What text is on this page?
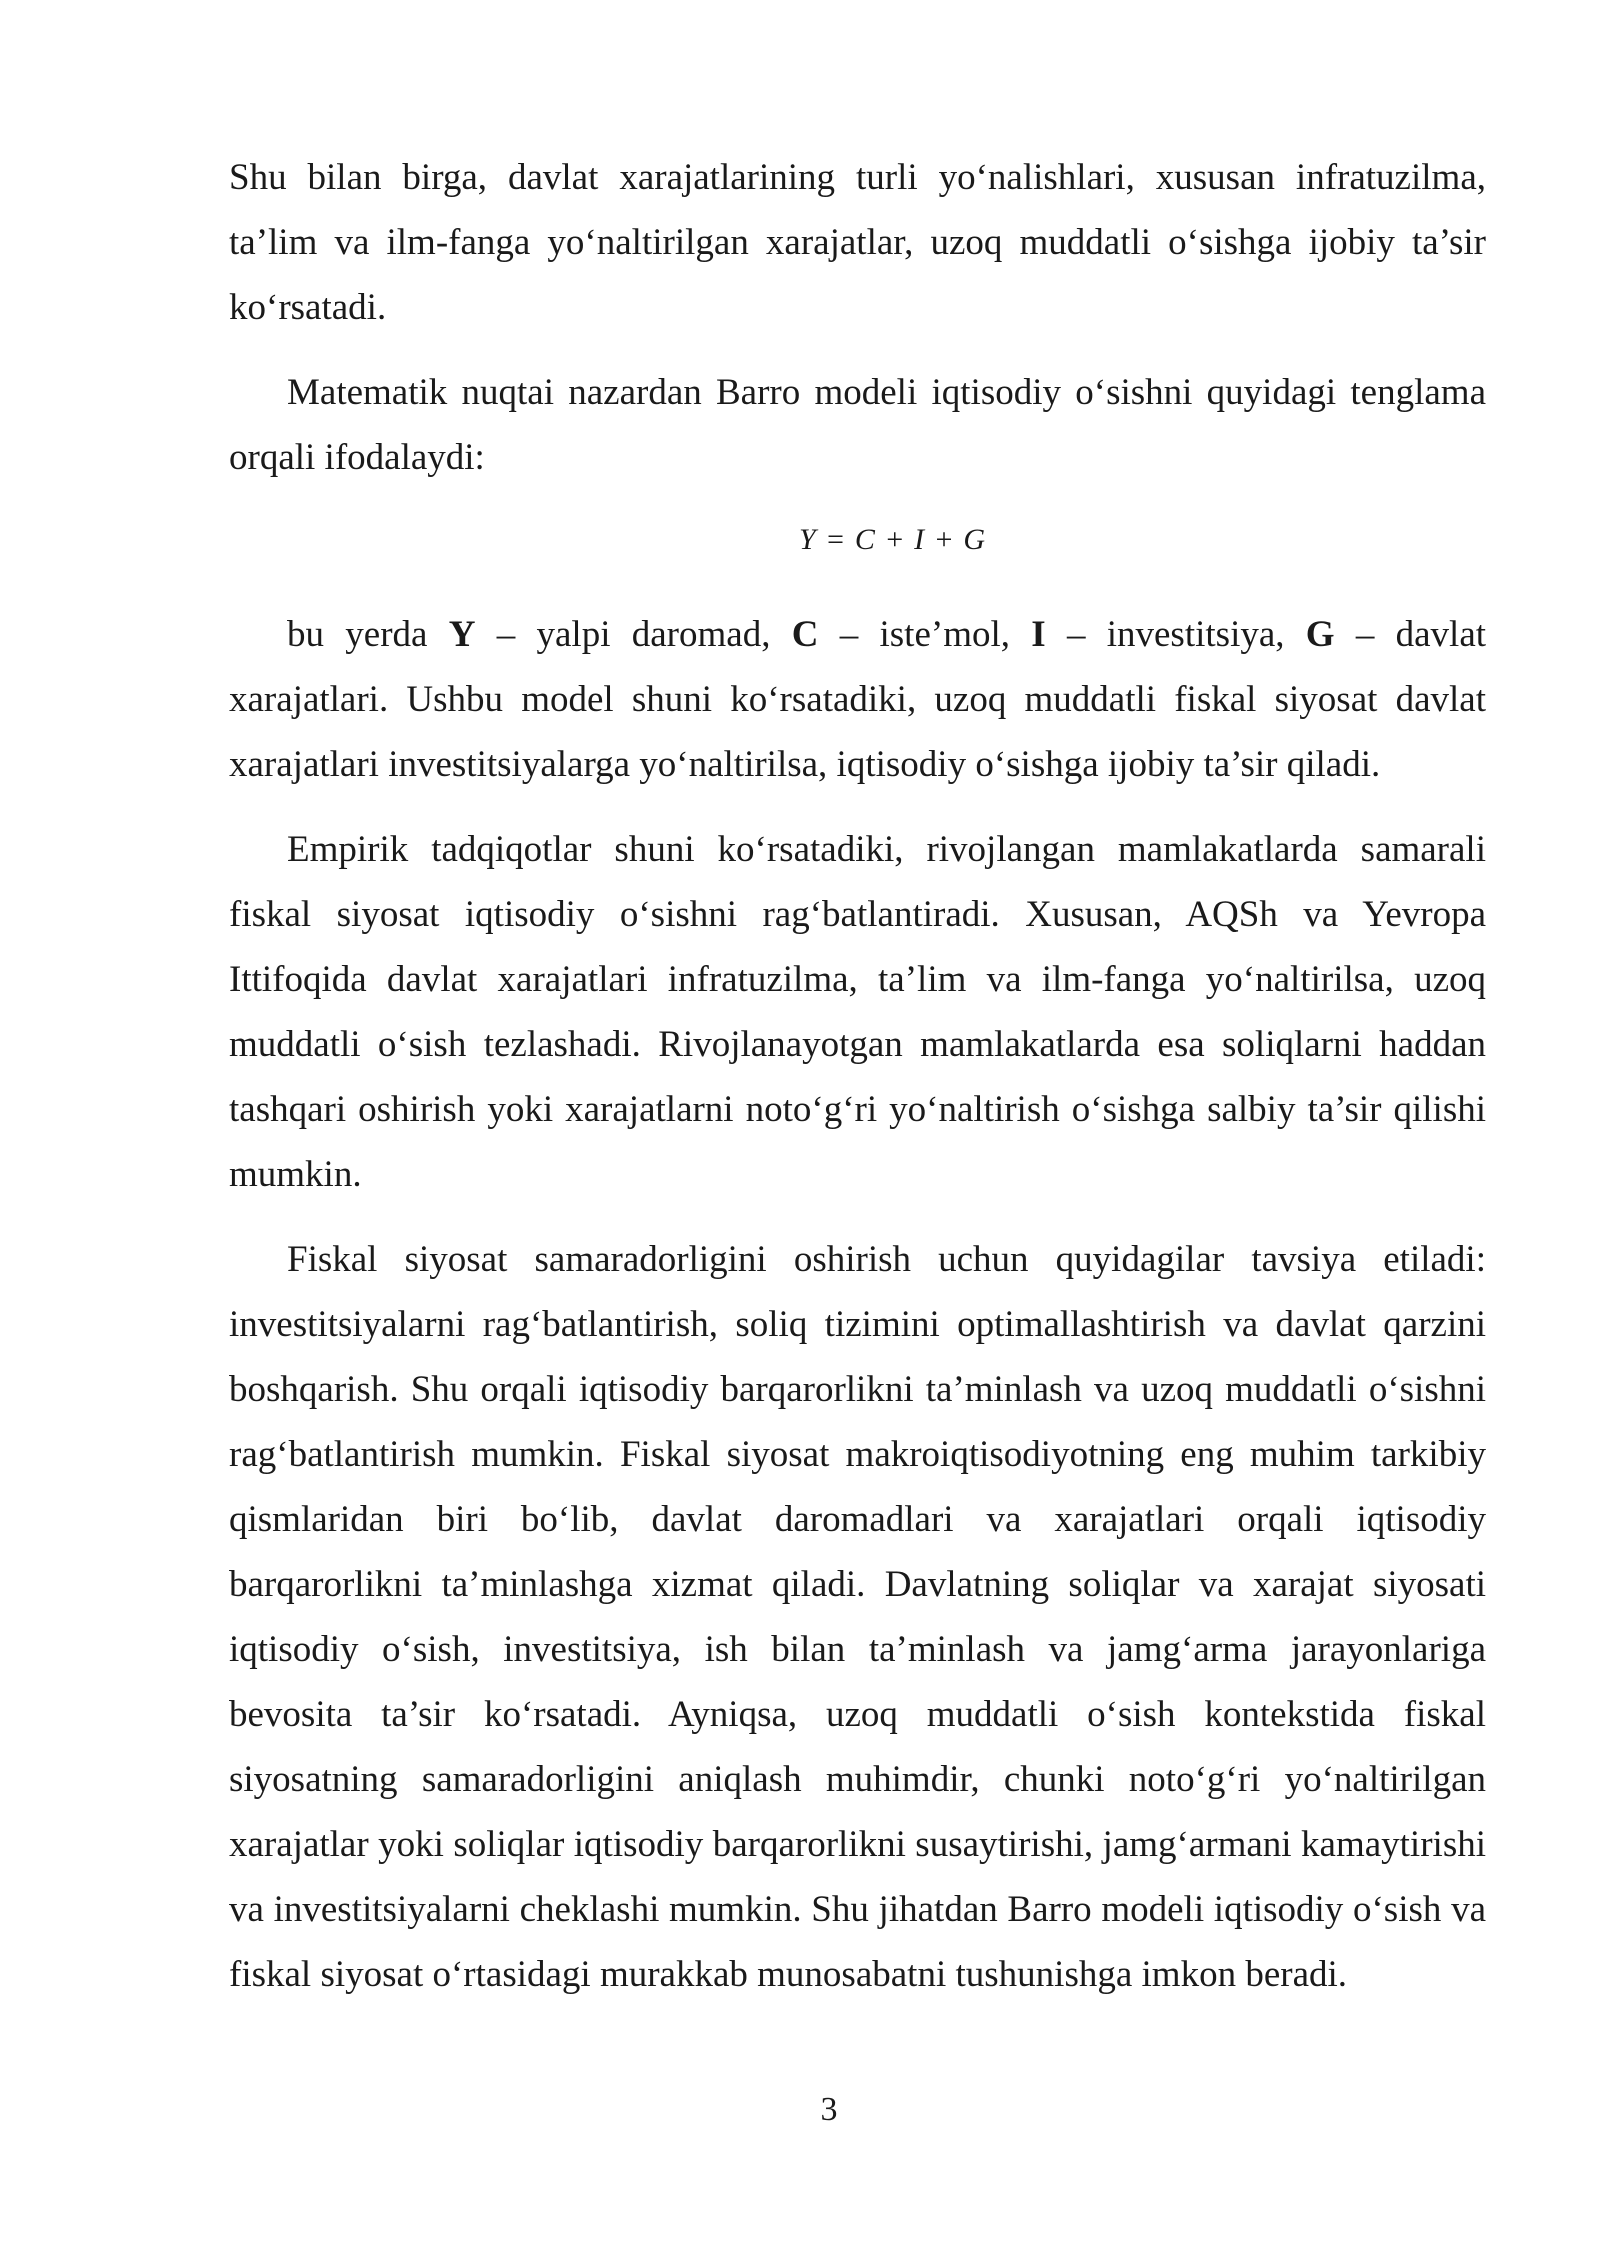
Shu bilan birga, davlat xarajatlarining turli yo‘nalishlari, xususan infratuzilma, ta’lim va ilm-fanga yo‘naltirilgan xarajatlar, uzoq muddatli o‘sishga ijobiy ta’sir ko‘rsatadi.

Matematik nuqtai nazardan Barro modeli iqtisodiy o‘sishni quyidagi tenglama orqali ifodalaydi:

Y = C + I + G

bu yerda Y – yalpi daromad, C – iste’mol, I – investitsiya, G – davlat xarajatlari. Ushbu model shuni ko‘rsatadiki, uzoq muddatli fiskal siyosat davlat xarajatlari investitsiyalarga yo‘naltirilsa, iqtisodiy o‘sishga ijobiy ta’sir qiladi.

Empirik tadqiqotlar shuni ko‘rsatadiki, rivojlangan mamlakatlarda samarali fiskal siyosat iqtisodiy o‘sishni rag‘batlantiradi. Xususan, AQSh va Yevropa Ittifoqida davlat xarajatlari infratuzilma, ta’lim va ilm-fanga yo‘naltirilsa, uzoq muddatli o‘sish tezlashadi. Rivojlanayotgan mamlakatlarda esa soliqlarni haddan tashqari oshirish yoki xarajatlarni noto‘g‘ri yo‘naltirish o‘sishga salbiy ta’sir qilishi mumkin.

Fiskal siyosat samaradorligini oshirish uchun quyidagilar tavsiya etiladi: investitsiyalarni rag‘batlantirish, soliq tizimini optimallashtirish va davlat qarzini boshqarish. Shu orqali iqtisodiy barqarorlikni ta’minlash va uzoq muddatli o‘sishni rag‘batlantirish mumkin. Fiskal siyosat makroiqtisodiyotning eng muhim tarkibiy qismlaridan biri bo‘lib, davlat daromadlari va xarajatlari orqali iqtisodiy barqarorlikni ta’minlashga xizmat qiladi. Davlatning soliqlar va xarajat siyosati iqtisodiy o‘sish, investitsiya, ish bilan ta’minlash va jamg‘arma jarayonlariga bevosita ta’sir ko‘rsatadi. Ayniqsa, uzoq muddatli o‘sish kontekstida fiskal siyosatning samaradorligini aniqlash muhimdir, chunki noto‘g‘ri yo‘naltirilgan xarajatlar yoki soliqlar iqtisodiy barqarorlikni susaytirishi, jamg‘armani kamaytirishi va investitsiyalarni cheklashi mumkin. Shu jihatdan Barro modeli iqtisodiy o‘sish va fiskal siyosat o‘rtasidagi murakkab munosabatni tushunishga imkon beradi.

3
